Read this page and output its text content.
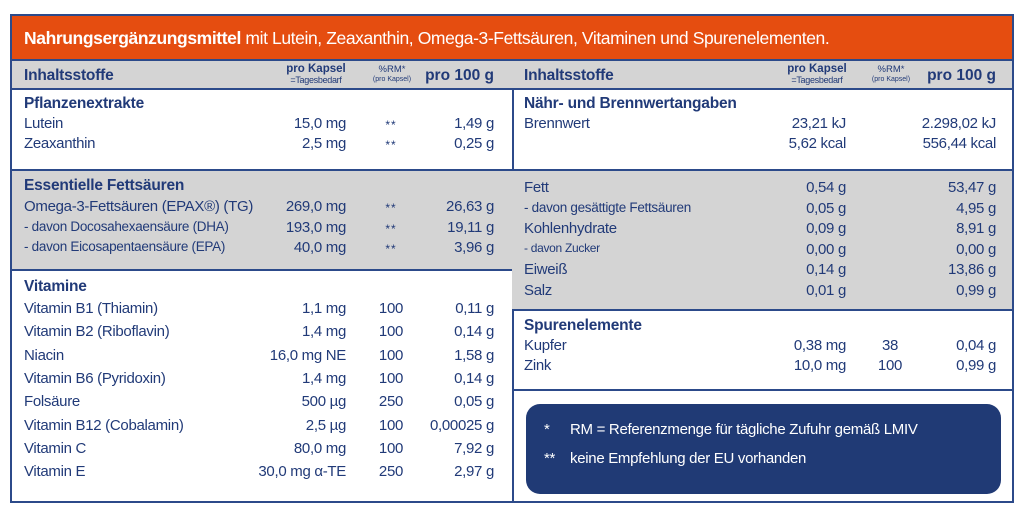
Nahrungsergänzungsmittel mit Lutein, Zeaxanthin, Omega-3-Fettsäuren, Vitaminen und Spurenelementen.
Inhaltsstoffe	pro Kapsel
=Tagesbedarf
%RM*
(pro Kapsel) pro 100 g
Pflanzenextrakte
Lutein	15,0 mg	**	1,49 g
Zeaxanthin	2,5 mg	**	0,25 g
Essentielle Fettsäuren
Omega-3-Fettsäuren (EPAX®) (TG) 269,0 mg	**	26,63 g
- davon Docosahexaensäure (DHA)	193,0 mg	**	19,11 g
- davon Eicosapentaensäure (EPA)	40,0 mg	**	3,96 g
Vitamine
Vitamin B1 (Thiamin)	1,1 mg	100	0,11 g
Vitamin B2 (Riboflavin)	1,4 mg	100	0,14 g
Niacin	16,0 mg NE	100	1,58 g
Vitamin B6 (Pyridoxin)	1,4 mg	100	0,14 g
Folsäure	500 µg	250	0,05 g
Vitamin B12 (Cobalamin)	2,5 µg	100	0,00025 g
Vitamin C	80,0 mg	100	7,92 g
Vitamin E	30,0 mg α-TE	250	2,97 g
Inhaltsstoffe	pro Kapsel
=Tagesbedarf
%RM*
(pro Kapsel)	pro 100 g
Nähr- und Brennwertangaben
Brennwert	23,21 kJ	2.298,02 kJ
5,62 kcal	556,44 kcal
Fett	0,54 g	53,47 g
- davon gesättigte Fettsäuren	0,05 g	4,95 g
Kohlenhydrate	0,09 g	8,91 g
- davon Zucker	0,00 g	0,00 g
Eiweiß	0,14 g	13,86 g
Salz	0,01 g	0,99 g
Spurenelemente
Kupfer	0,38 mg	38	0,04 g
Zink	10,0 mg	100	0,99 g
* RM = Referenzmenge für tägliche Zufuhr gemäß LMIV
** keine Empfehlung der EU vorhanden
